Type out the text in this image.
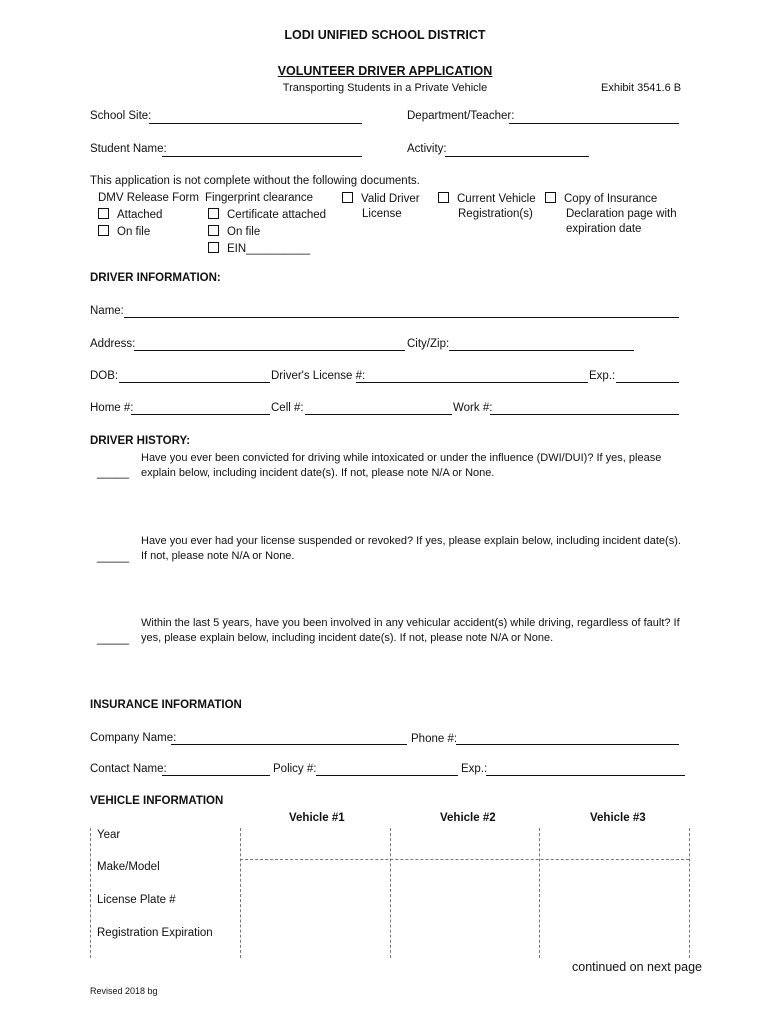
LODI UNIFIED SCHOOL DISTRICT
VOLUNTEER DRIVER APPLICATION
Transporting Students in a Private Vehicle	Exhibit 3541.6 B
School Site:	Department/Teacher:
Student Name:	Activity:
This application is not complete without the following documents.
DMV Release Form
Attached
On file
Fingerprint clearance
Certificate attached
On file
EIN__________
Valid Driver
License
Current Vehicle
Registration(s)
Copy of Insurance
Declaration page with
expiration date
DRIVER INFORMATION:
Name:
Address:	City/Zip:
DOB:	Driver's License #:	Exp.:
Home #:	Cell #:	Work #:
DRIVER HISTORY:
_____
Have you ever been convicted for driving while intoxicated or under the influence (DWI/DUI)? If yes, please explain below, including incident date(s). If not, please note N/A or None.
_____
Have you ever had your license suspended or revoked? If yes, please explain below, including incident date(s). If not, please note N/A or None.
_____
Within the last 5 years, have you been involved in any vehicular accident(s) while driving, regardless of fault? If yes, please explain below, including incident date(s). If not, please note N/A or None.
INSURANCE INFORMATION
Company Name:	Phone #:
Contact Name:	Policy #:	Exp.:
VEHICLE INFORMATION
Vehicle #1	Vehicle #2	Vehicle #3
Year
Make/Model
License Plate #
Registration Expiration
continued on next page
Revised 2018 bg
